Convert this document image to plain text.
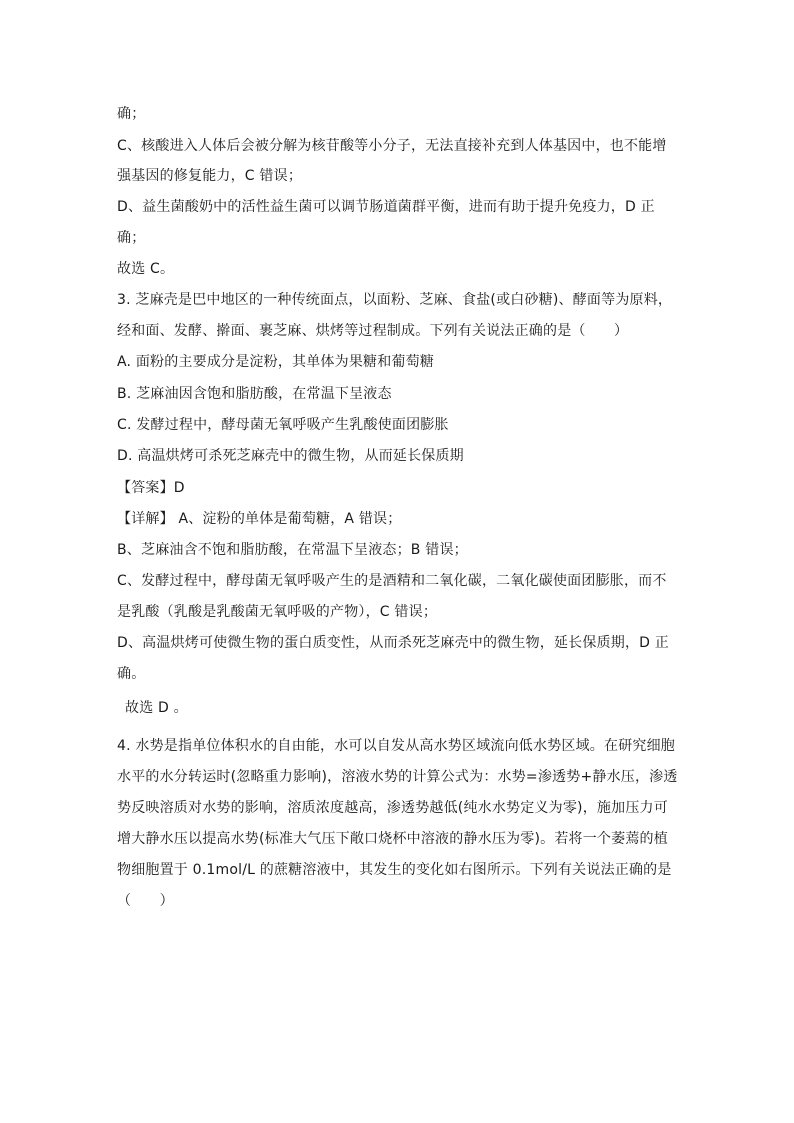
确；
C、核酸进入人体后会被分解为核苷酸等小分子，无法直接补充到人体基因中，也不能增
强基因的修复能力，C 错误；
D、益生菌酸奶中的活性益生菌可以调节肠道菌群平衡，进而有助于提升免疫力，D 正
确；
故选 C。
3. 芝麻壳是巴中地区的一种传统面点，以面粉、芝麻、食盐(或白砂糖)、酵面等为原料，
经和面、发酵、擀面、裹芝麻、烘烤等过程制成。下列有关说法正确的是（　　）
A. 面粉的主要成分是淀粉，其单体为果糖和葡萄糖
B. 芝麻油因含饱和脂肪酸，在常温下呈液态
C. 发酵过程中，酵母菌无氧呼吸产生乳酸使面团膨胀
D. 高温烘烤可杀死芝麻壳中的微生物，从而延长保质期
【答案】D
【详解】 A、淀粉的单体是葡萄糖，A 错误；
B、芝麻油含不饱和脂肪酸，在常温下呈液态；B 错误；
C、发酵过程中，酵母菌无氧呼吸产生的是酒精和二氧化碳，二氧化碳使面团膨胀，而不
是乳酸（乳酸是乳酸菌无氧呼吸的产物），C 错误；
D、高温烘烤可使微生物的蛋白质变性，从而杀死芝麻壳中的微生物，延长保质期，D 正
确。
故选 D 。
4. 水势是指单位体积水的自由能，水可以自发从高水势区域流向低水势区域。在研究细胞
水平的水分转运时(忽略重力影响)，溶液水势的计算公式为：水势=渗透势+静水压，渗透
势反映溶质对水势的影响，溶质浓度越高，渗透势越低(纯水水势定义为零)，施加压力可
增大静水压以提高水势(标准大气压下敞口烧杯中溶液的静水压为零)。若将一个萎蔫的植
物细胞置于 0.1mol/L 的蔗糖溶液中，其发生的变化如右图所示。下列有关说法正确的是
（　　）
